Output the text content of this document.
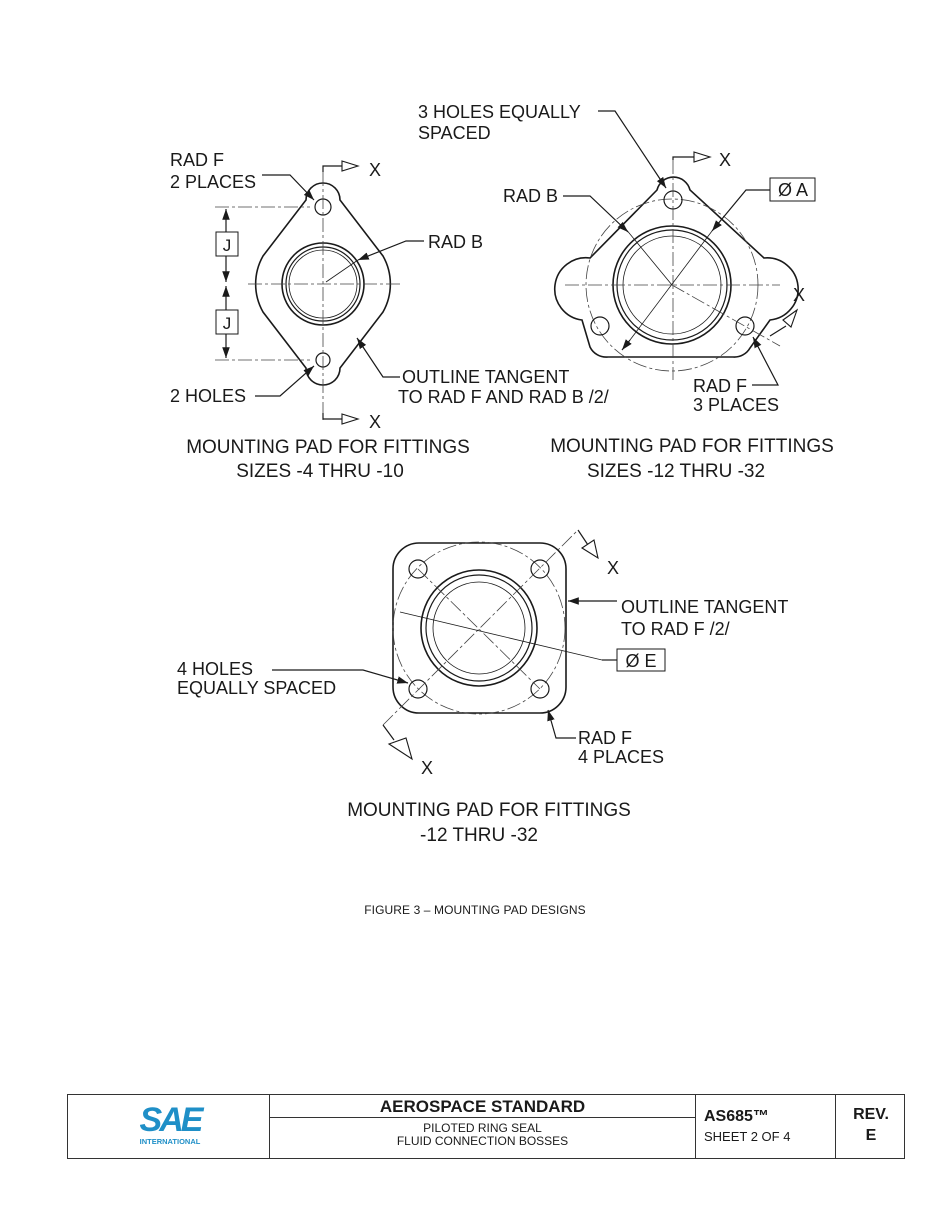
J
J
X
X
RAD F
2 PLACES
RAD B
2 HOLES
OUTLINE TANGENT
TO RAD F AND RAD B /2/
MOUNTING PAD FOR FITTINGS
SIZES -4 THRU -10
X
X
3 HOLES EQUALLY
SPACED
RAD B	Ø A
RAD F
3 PLACES
MOUNTING PAD FOR FITTINGS
SIZES -12 THRU -32
X
X
OUTLINE TANGENT
TO RAD F /2/
Ø E
4 HOLES
EQUALLY SPACED
RAD F
4 PLACES
MOUNTING PAD FOR FITTINGS
-12 THRU -32
FIGURE 3 – MOUNTING PAD DESIGNS
SAE
INTERNATIONAL
AEROSPACE STANDARD
PILOTED RING SEAL
FLUID CONNECTION BOSSES
AS685™
SHEET 2 OF 4
REV.
E
